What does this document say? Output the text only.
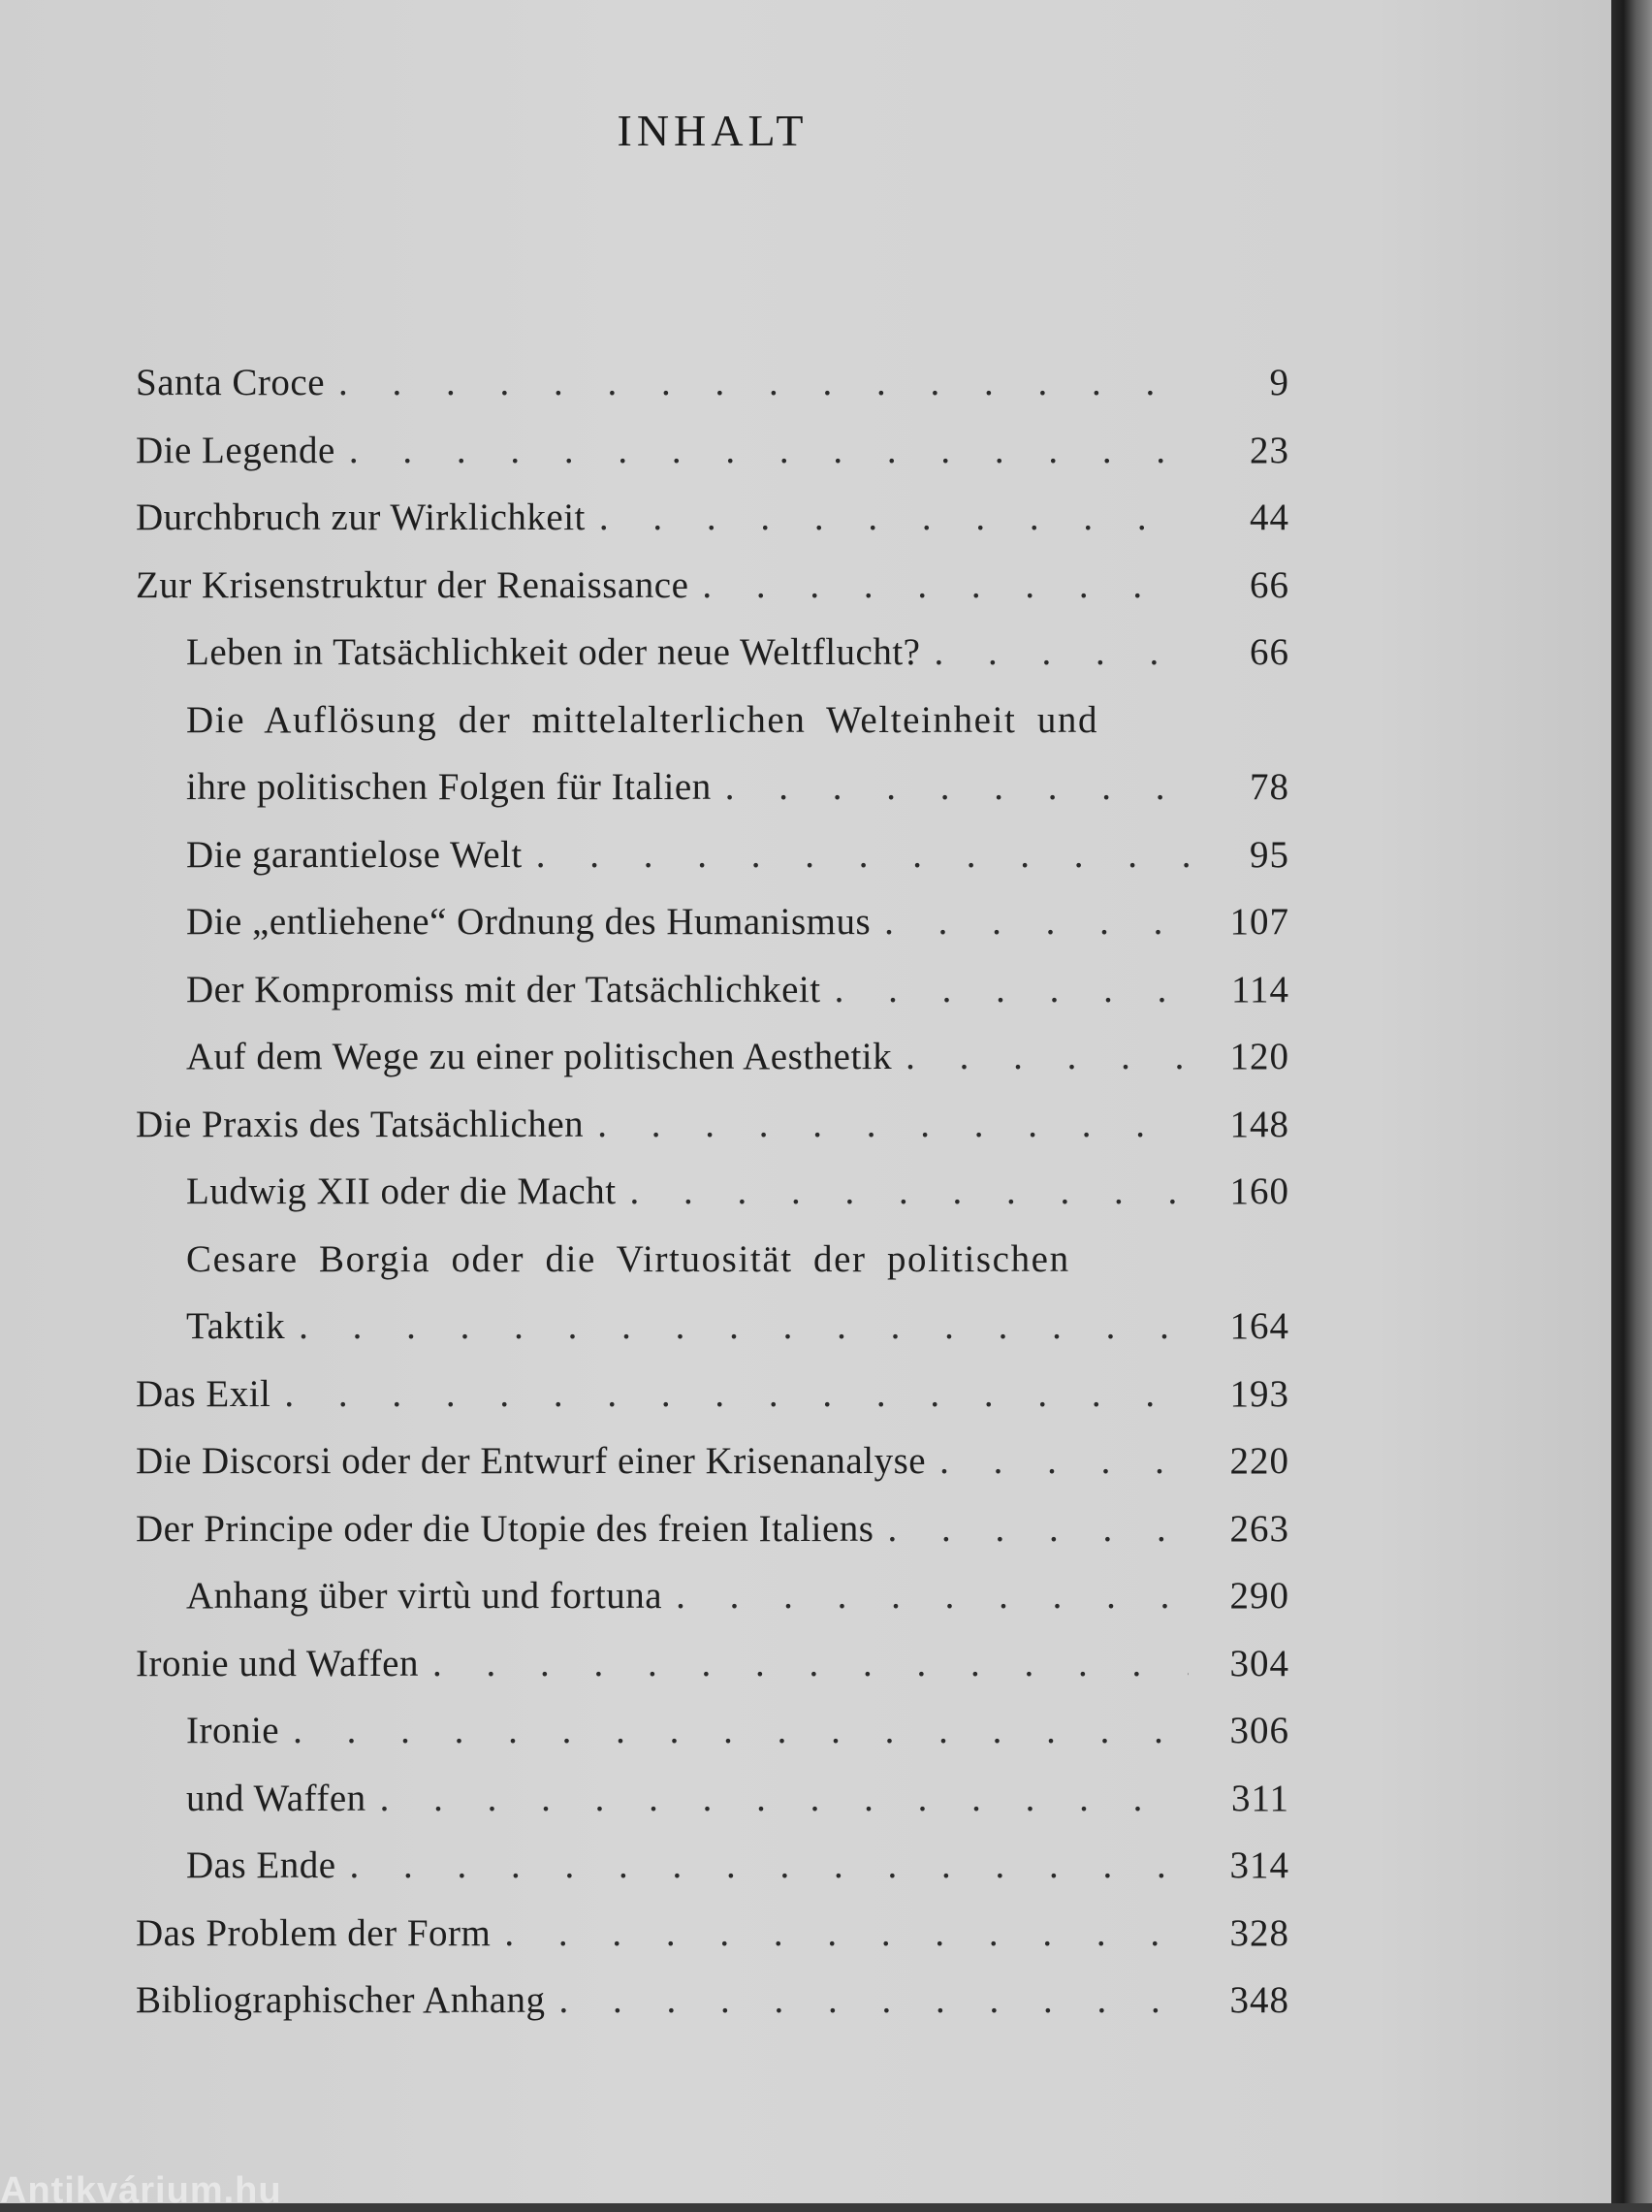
INHALT
Santa Croce . . .	9
Die Legende . . .	23
Durchbruch zur Wirklichkeit . . .	44
Zur Krisenstruktur der Renaissance . . .	66
Leben in Tatsächlichkeit oder neue Weltflucht? . . .	66
Die Auflösung der mittelalterlichen Welteinheit und
ihre politischen Folgen für Italien . . .	78
Die garantielose Welt . . .	95
Die „entliehene“ Ordnung des Humanismus . . .	107
Der Kompromiss mit der Tatsächlichkeit . . .	114
Auf dem Wege zu einer politischen Aesthetik . . .	120
Die Praxis des Tatsächlichen . . .	148
Ludwig XII oder die Macht . . .	160
Cesare Borgia oder die Virtuosität der politischen
Taktik . . .	164
Das Exil . . .	193
Die Discorsi oder der Entwurf einer Krisenanalyse . . .	220
Der Principe oder die Utopie des freien Italiens . . .	263
Anhang über virtù und fortuna . . .	290
Ironie und Waffen . . .	304
Ironie . . .	306
und Waffen . . .	311
Das Ende . . .	314
Das Problem der Form . . .	328
Bibliographischer Anhang . . .	348
Antikvárium.hu
